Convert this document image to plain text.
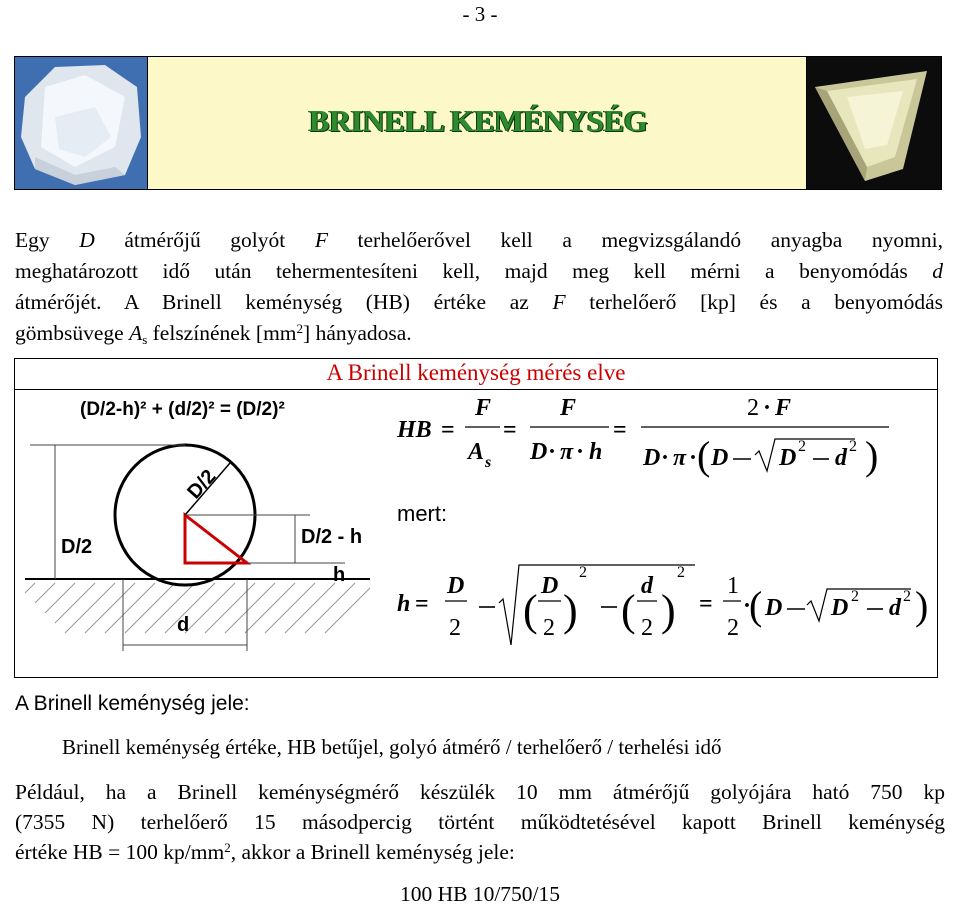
- 3 -
BRINELL KEMÉNYSÉG
Egy D átmérőjű golyót F terhelőerővel kell a megvizsgálandó anyagba nyomni,
meghatározott idő után tehermentesíteni kell, majd meg kell mérni a benyomódás d
átmérőjét. A Brinell keménység (HB) értéke az F terhelőerő [kp] és a benyomódás
gömbsüvege $A_s$ felszínének $[mm^2]$ hányadosa.
A Brinell keménység mérés elve
(D/2-h)² + (d/2)² = (D/2)²
D/2
D/2	D/2 - h
h
d
HB =
F
A s
=
F
D · π · h
=
2 · F
D · π · ( D D 2 d 2 )
mert:
h =
D
2 ( D
2 )
2
( d
2 )
2
=
1
2
·
( D D 2 d 2 )
A Brinell keménység jele:
Brinell keménység értéke, HB betűjel, golyó átmérő / terhelőerő / terhelési idő
Például, ha a Brinell keménységmérő készülék 10 mm átmérőjű golyójára ható 750 kp
(7355 N) terhelőerő 15 másodpercig történt működtetésével kapott Brinell keménység
értéke HB = 100 $kp/mm^2$, akkor a Brinell keménység jele:
100 HB 10/750/15
